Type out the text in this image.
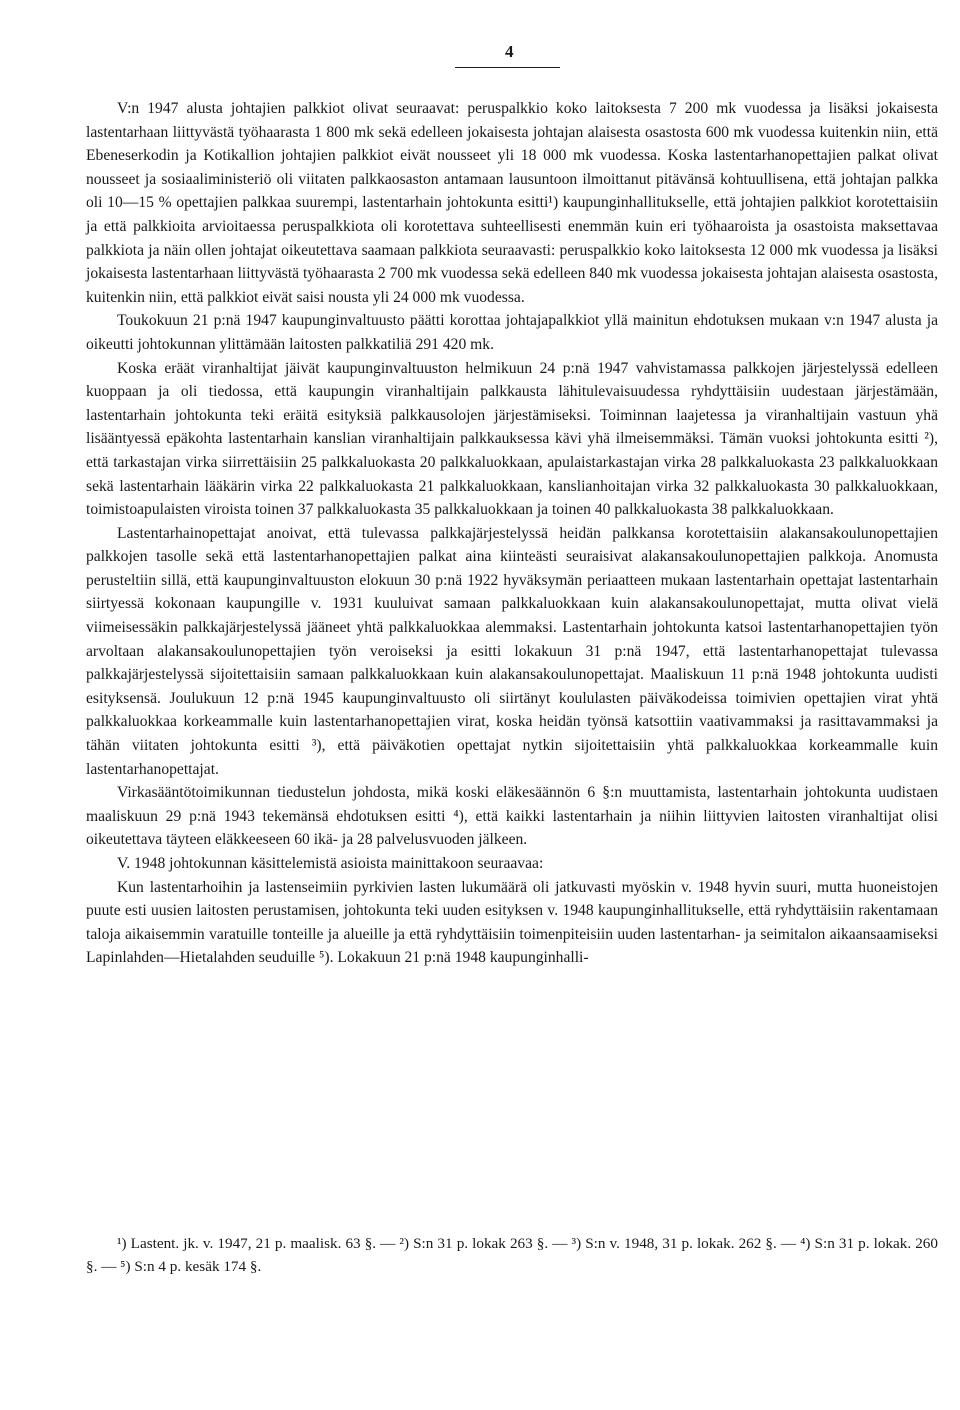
4

V:n 1947 alusta johtajien palkkiot olivat seuraavat: peruspalkkio koko laitoksesta 7 200 mk vuodessa ja lisäksi jokaisesta lastentarhaan liittyvästä työhaarasta 1 800 mk sekä edelleen jokaisesta johtajan alaisesta osastosta 600 mk vuodessa kuitenkin niin, että Ebeneserkodin ja Kotikallion johtajien palkkiot eivät nousseet yli 18 000 mk vuodessa. Koska lastentarhanopettajien palkat olivat nousseet ja sosiaaliministeriö oli viitaten palkkaosaston antamaan lausuntoon ilmoittanut pitävänsä kohtuullisena, että johtajan palkka oli 10—15 % opettajien palkkaa suurempi, lastentarhain johtokunta esitti¹) kaupunginhallitukselle, että johtajien palkkiot korotettaisiin ja että palkkioita arvioitaessa peruspalkkiota oli korotettava suhteellisesti enemmän kuin eri työhaaroista ja osastoista maksettavaa palkkiota ja näin ollen johtajat oikeutettava saamaan palkkiota seuraavasti: peruspalkkio koko laitoksesta 12 000 mk vuodessa ja lisäksi jokaisesta lastentarhaan liittyvästä työhaarasta 2 700 mk vuodessa sekä edelleen 840 mk vuodessa jokaisesta johtajan alaisesta osastosta, kuitenkin niin, että palkkiot eivät saisi nousta yli 24 000 mk vuodessa.

Toukokuun 21 p:nä 1947 kaupunginvaltuusto päätti korottaa johtajapalkkiot yllä mainitun ehdotuksen mukaan v:n 1947 alusta ja oikeutti johtokunnan ylittämään laitosten palkkatiliä 291 420 mk.

Koska eräät viranhaltijat jäivät kaupunginvaltuuston helmikuun 24 p:nä 1947 vahvistamassa palkkojen järjestelyssä edelleen kuoppaan ja oli tiedossa, että kaupungin viranhaltijain palkkausta lähitulevaisuudessa ryhdyttäisiin uudestaan järjestämään, lastentarhain johtokunta teki eräitä esityksiä palkkausolojen järjestämiseksi. Toiminnan laajetessa ja viranhaltijain vastuun yhä lisääntyessä epäkohta lastentarhain kanslian viranhaltijain palkkauksessa kävi yhä ilmeisemmäksi. Tämän vuoksi johtokunta esitti ²), että tarkastajan virka siirrettäisiin 25 palkkaluokasta 20 palkkaluokkaan, apulaistarkastajan virka 28 palkkaluokasta 23 palkkaluokkaan sekä lastentarhain lääkärin virka 22 palkkaluokasta 21 palkkaluokkaan, kanslianhoitajan virka 32 palkkaluokasta 30 palkkaluokkaan, toimistoapulaisten viroista toinen 37 palkkaluokasta 35 palkkaluokkaan ja toinen 40 palkkaluokasta 38 palkkaluokkaan.

Lastentarhainopettajat anoivat, että tulevassa palkkajärjestelyssä heidän palkkansa korotettaisiin alakansakoulunopettajien palkkojen tasolle sekä että lastentarhanopettajien palkat aina kiinteästi seuraisivat alakansakoulunopettajien palkkoja. Anomusta perusteltiin sillä, että kaupunginvaltuuston elokuun 30 p:nä 1922 hyväksymän periaatteen mukaan lastentarhain opettajat lastentarhain siirtyessä kokonaan kaupungille v. 1931 kuuluivat samaan palkkaluokkaan kuin alakansakoulunopettajat, mutta olivat vielä viimeisessäkin palkkajärjestelyssä jääneet yhtä palkkaluokkaa alemmaksi. Lastentarhain johtokunta katsoi lastentarhanopettajien työn arvoltaan alakansakoulunopettajien työn veroiseksi ja esitti lokakuun 31 p:nä 1947, että lastentarhanopettajat tulevassa palkkajärjestelyssä sijoitettaisiin samaan palkkaluokkaan kuin alakansakoulunopettajat. Maaliskuun 11 p:nä 1948 johtokunta uudisti esityksensä. Joulukuun 12 p:nä 1945 kaupunginvaltuusto oli siirtänyt koululasten päiväkodeissa toimivien opettajien virat yhtä palkkaluokkaa korkeammalle kuin lastentarhanopettajien virat, koska heidän työnsä katsottiin vaativammaksi ja rasittavammaksi ja tähän viitaten johtokunta esitti ³), että päiväkotien opettajat nytkin sijoitettaisiin yhtä palkkaluokkaa korkeammalle kuin lastentarhanopettajat.

Virkasääntötoimikunnan tiedustelun johdosta, mikä koski eläkesäännön 6 §:n muuttamista, lastentarhain johtokunta uudistaen maaliskuun 29 p:nä 1943 tekemänsä ehdotuksen esitti ⁴), että kaikki lastentarhain ja niihin liittyvien laitosten viranhaltijat olisi oikeutettava täyteen eläkkeeseen 60 ikä- ja 28 palvelusvuoden jälkeen.

V. 1948 johtokunnan käsittelemistä asioista mainittakoon seuraavaa:

Kun lastentarhoihin ja lastenseimiin pyrkivien lasten lukumäärä oli jatkuvasti myöskin v. 1948 hyvin suuri, mutta huoneistojen puute esti uusien laitosten perustamisen, johtokunta teki uuden esityksen v. 1948 kaupunginhallitukselle, että ryhdyttäisiin rakentamaan taloja aikaisemmin varatuille tonteille ja alueille ja että ryhdyttäisiin toimenpiteisiin uuden lastentarhan- ja seimitalon aikaansaamiseksi Lapinlahden—Hietalahden seuduille ⁵). Lokakuun 21 p:nä 1948 kaupunginhalli-

¹) Lastent. jk. v. 1947, 21 p. maalisk. 63 §. — ²) S:n 31 p. lokak 263 §. — ³) S:n v. 1948, 31 p. lokak. 262 §. — ⁴) S:n 31 p. lokak. 260 §. — ⁵) S:n 4 p. kesäk 174 §.
